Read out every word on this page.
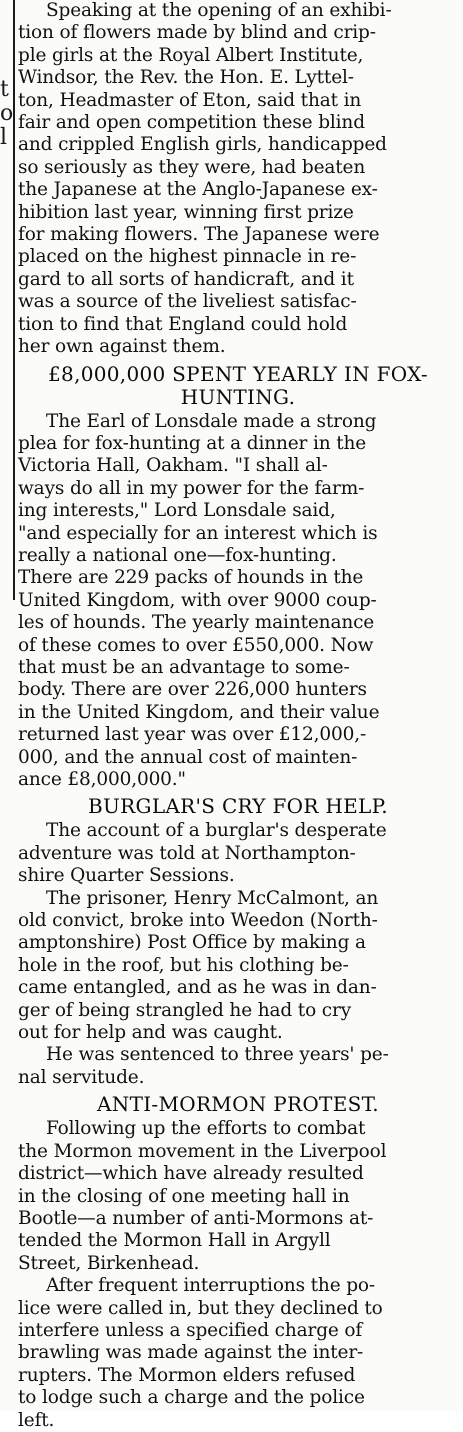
t
o
l
Speaking at the opening of an exhibi-
tion of flowers made by blind and crip-
ple girls at the Royal Albert Institute,
Windsor, the Rev. the Hon. E. Lyttel-
ton, Headmaster of Eton, said that in
fair and open competition these blind
and crippled English girls, handicapped
so seriously as they were, had beaten
the Japanese at the Anglo-Japanese ex-
hibition last year, winning first prize
for making flowers. The Japanese were
placed on the highest pinnacle in re-
gard to all sorts of handicraft, and it
was a source of the liveliest satisfac-
tion to find that England could hold
her own against them.
£8,000,000 SPENT YEARLY IN FOX-
HUNTING.
The Earl of Lonsdale made a strong
plea for fox-hunting at a dinner in the
Victoria Hall, Oakham. "I shall al-
ways do all in my power for the farm-
ing interests," Lord Lonsdale said,
"and especially for an interest which is
really a national one—fox-hunting.
There are 229 packs of hounds in the
United Kingdom, with over 9000 coup-
les of hounds. The yearly maintenance
of these comes to over £550,000. Now
that must be an advantage to some-
body. There are over 226,000 hunters
in the United Kingdom, and their value
returned last year was over £12,000,-
000, and the annual cost of mainten-
ance £8,000,000."
BURGLAR'S CRY FOR HELP.
The account of a burglar's desperate
adventure was told at Northampton-
shire Quarter Sessions.
The prisoner, Henry McCalmont, an
old convict, broke into Weedon (North-
amptonshire) Post Office by making a
hole in the roof, but his clothing be-
came entangled, and as he was in dan-
ger of being strangled he had to cry
out for help and was caught.
He was sentenced to three years' pe-
nal servitude.
ANTI-MORMON PROTEST.
Following up the efforts to combat
the Mormon movement in the Liverpool
district—which have already resulted
in the closing of one meeting hall in
Bootle—a number of anti-Mormons at-
tended the Mormon Hall in Argyll
Street, Birkenhead.
After frequent interruptions the po-
lice were called in, but they declined to
interfere unless a specified charge of
brawling was made against the inter-
rupters. The Mormon elders refused
to lodge such a charge and the police
left.
